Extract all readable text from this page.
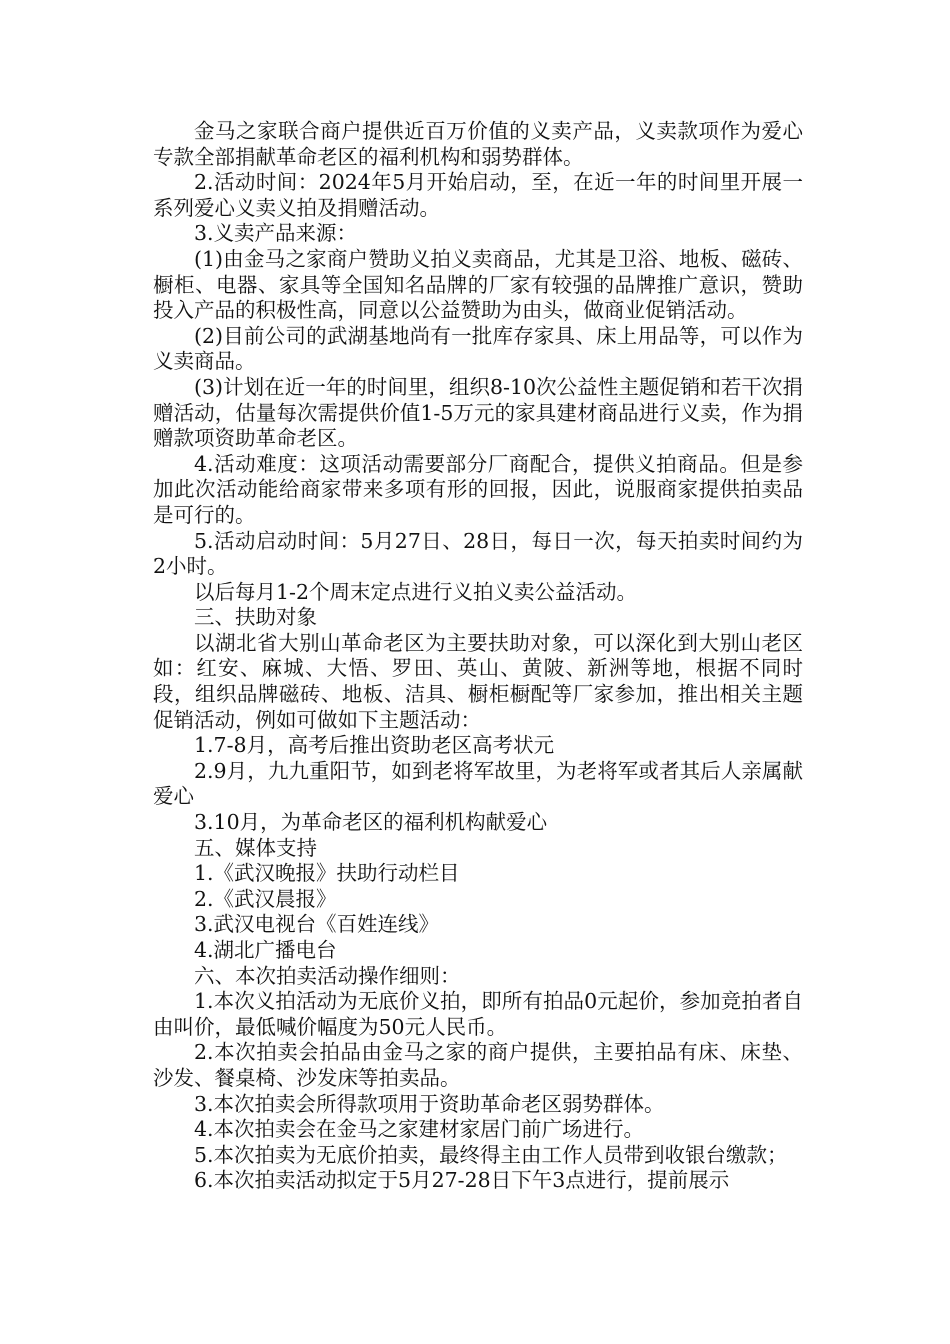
金马之家联合商户提供近百万价值的义卖产品，义卖款项作为爱心专款全部捐献革命老区的福利机构和弱势群体。

2.活动时间：2024年5月开始启动，至，在近一年的时间里开展一系列爱心义卖义拍及捐赠活动。

3.义卖产品来源：

(1)由金马之家商户赞助义拍义卖商品，尤其是卫浴、地板、磁砖、橱柜、电器、家具等全国知名品牌的厂家有较强的品牌推广意识，赞助投入产品的积极性高，同意以公益赞助为由头，做商业促销活动。

(2)目前公司的武湖基地尚有一批库存家具、床上用品等，可以作为义卖商品。

(3)计划在近一年的时间里，组织8-10次公益性主题促销和若干次捐赠活动，估量每次需提供价值1-5万元的家具建材商品进行义卖，作为捐赠款项资助革命老区。

4.活动难度：这项活动需要部分厂商配合，提供义拍商品。但是参加此次活动能给商家带来多项有形的回报，因此，说服商家提供拍卖品是可行的。

5.活动启动时间：5月27日、28日，每日一次，每天拍卖时间约为2小时。

以后每月1-2个周末定点进行义拍义卖公益活动。

三、扶助对象

以湖北省大别山革命老区为主要扶助对象，可以深化到大别山老区如：红安、麻城、大悟、罗田、英山、黄陂、新洲等地，根据不同时段，组织品牌磁砖、地板、洁具、橱柜橱配等厂家参加，推出相关主题促销活动，例如可做如下主题活动：

1.7-8月，高考后推出资助老区高考状元

2.9月，九九重阳节，如到老将军故里，为老将军或者其后人亲属献爱心

3.10月，为革命老区的福利机构献爱心

五、媒体支持

1.《武汉晚报》扶助行动栏目

2.《武汉晨报》

3.武汉电视台《百姓连线》

4.湖北广播电台

六、本次拍卖活动操作细则：

1.本次义拍活动为无底价义拍，即所有拍品0元起价，参加竞拍者自由叫价，最低喊价幅度为50元人民币。

2.本次拍卖会拍品由金马之家的商户提供，主要拍品有床、床垫、沙发、餐桌椅、沙发床等拍卖品。

3.本次拍卖会所得款项用于资助革命老区弱势群体。

4.本次拍卖会在金马之家建材家居门前广场进行。

5.本次拍卖为无底价拍卖，最终得主由工作人员带到收银台缴款；

6.本次拍卖活动拟定于5月27-28日下午3点进行，提前展示
